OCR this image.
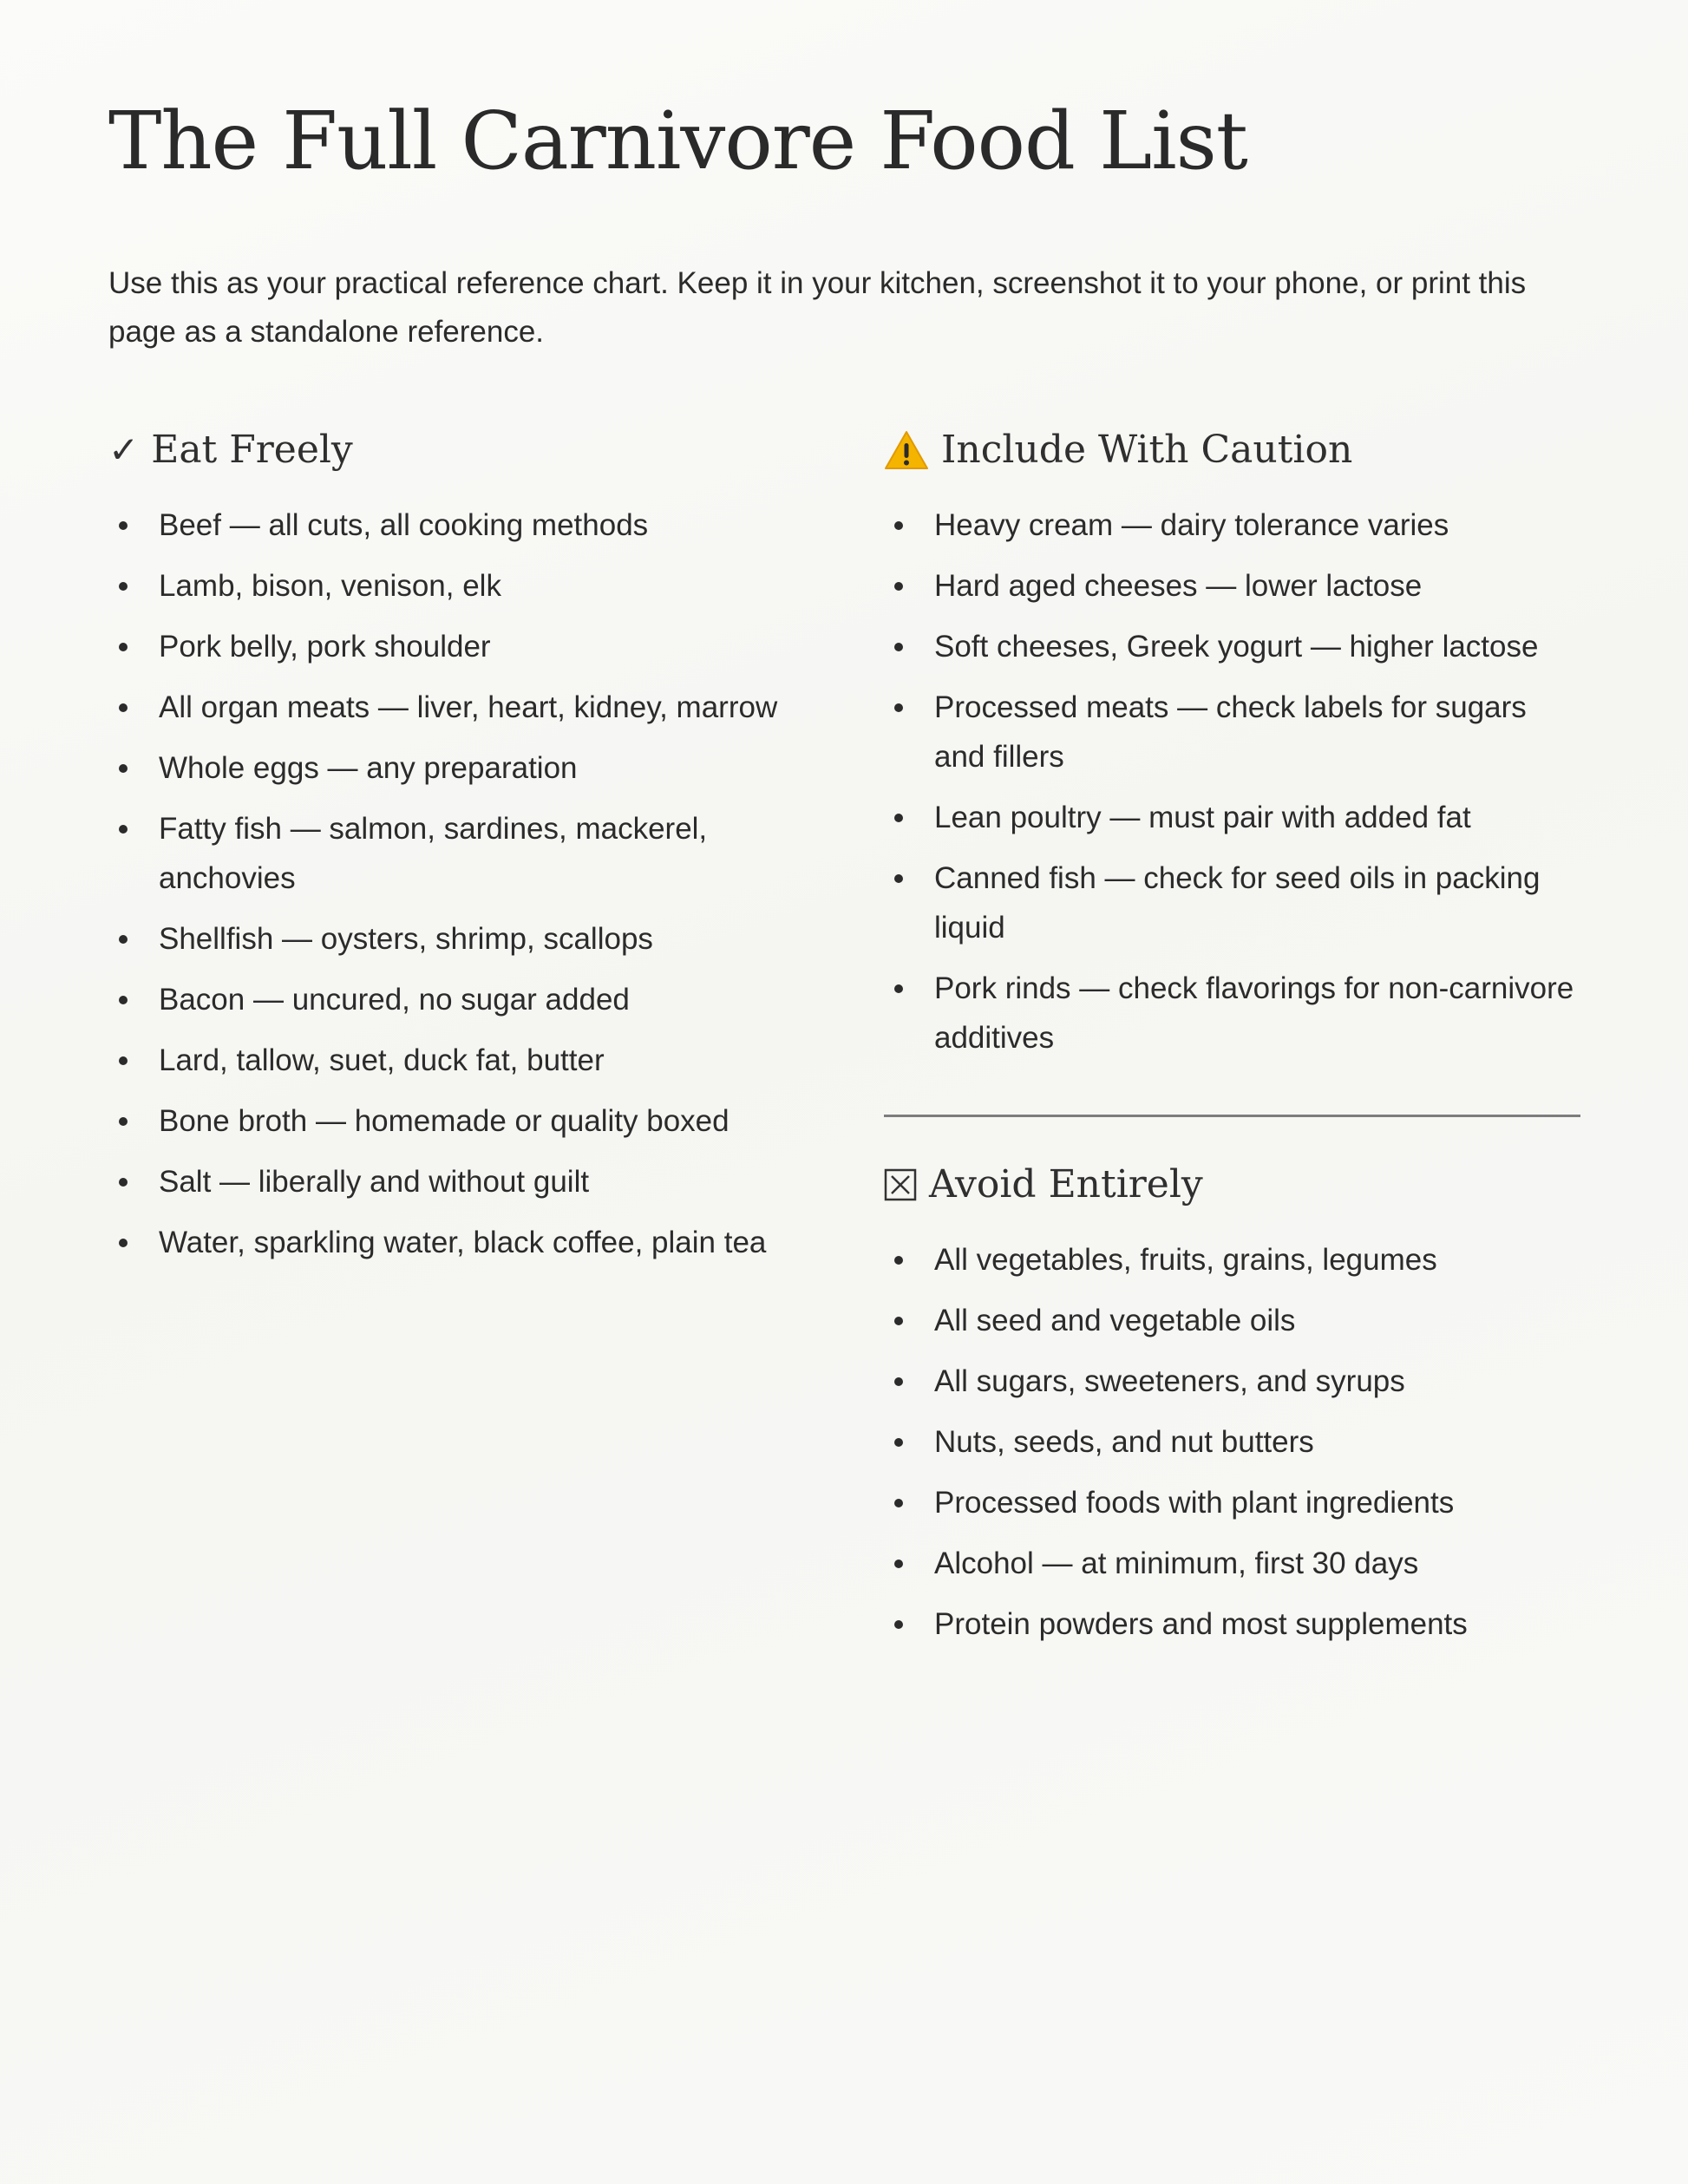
The Full Carnivore Food List

Use this as your practical reference chart. Keep it in your kitchen, screenshot it to your phone, or print this page as a standalone reference.

✓ Eat Freely
Beef — all cuts, all cooking methods
Lamb, bison, venison, elk
Pork belly, pork shoulder
All organ meats — liver, heart, kidney, marrow
Whole eggs — any preparation
Fatty fish — salmon, sardines, mackerel, anchovies
Shellfish — oysters, shrimp, scallops
Bacon — uncured, no sugar added
Lard, tallow, suet, duck fat, butter
Bone broth — homemade or quality boxed
Salt — liberally and without guilt
Water, sparkling water, black coffee, plain tea
Include With Caution
Heavy cream — dairy tolerance varies
Hard aged cheeses — lower lactose
Soft cheeses, Greek yogurt — higher lactose
Processed meats — check labels for sugars and fillers
Lean poultry — must pair with added fat
Canned fish — check for seed oils in packing liquid
Pork rinds — check flavorings for non-carnivore additives
Avoid Entirely
All vegetables, fruits, grains, legumes
All seed and vegetable oils
All sugars, sweeteners, and syrups
Nuts, seeds, and nut butters
Processed foods with plant ingredients
Alcohol — at minimum, first 30 days
Protein powders and most supplements
